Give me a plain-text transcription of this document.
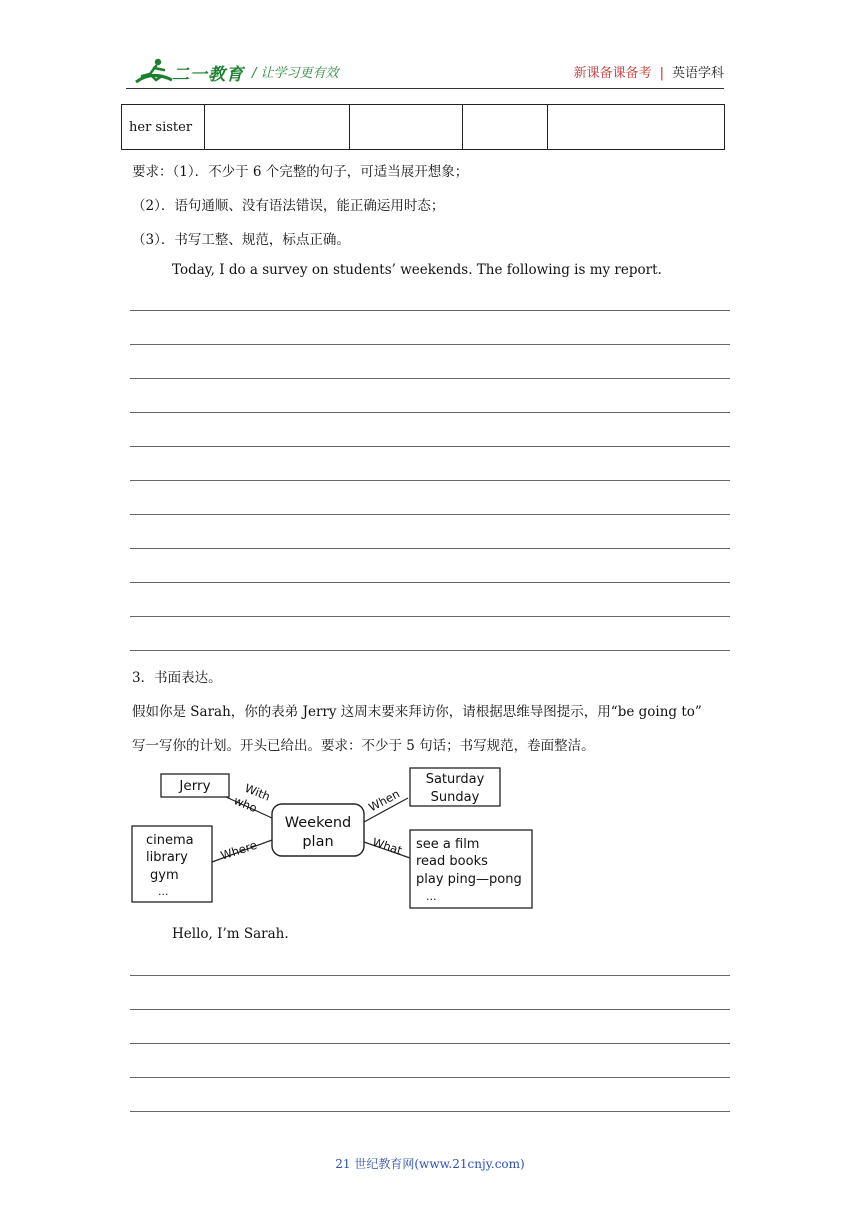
二一教育 / 让学习更有效	新课备课备考 | 英语学科
her sister				
要求：（1）．不少于 6 个完整的句子，可适当展开想象；
（2）．语句通顺、没有语法错误，能正确运用时态；
（3）．书写工整、规范，标点正确。
Today, I do a survey on students’ weekends. The following is my report.
3．书面表达。
假如你是 Sarah，你的表弟 Jerry 这周末要来拜访你，请根据思维导图提示，用“be going to”
写一写你的计划。开头已给出。要求：不少于 5 句话；书写规范，卷面整洁。
Weekend
plan
Jerry	With
who
Saturday
Sunday
When
cinema
library
gym
...
Where	see a film
read books
play ping—pong
...
What
Hello, I’m Sarah.
21 世纪教育网(www.21cnjy.com)
